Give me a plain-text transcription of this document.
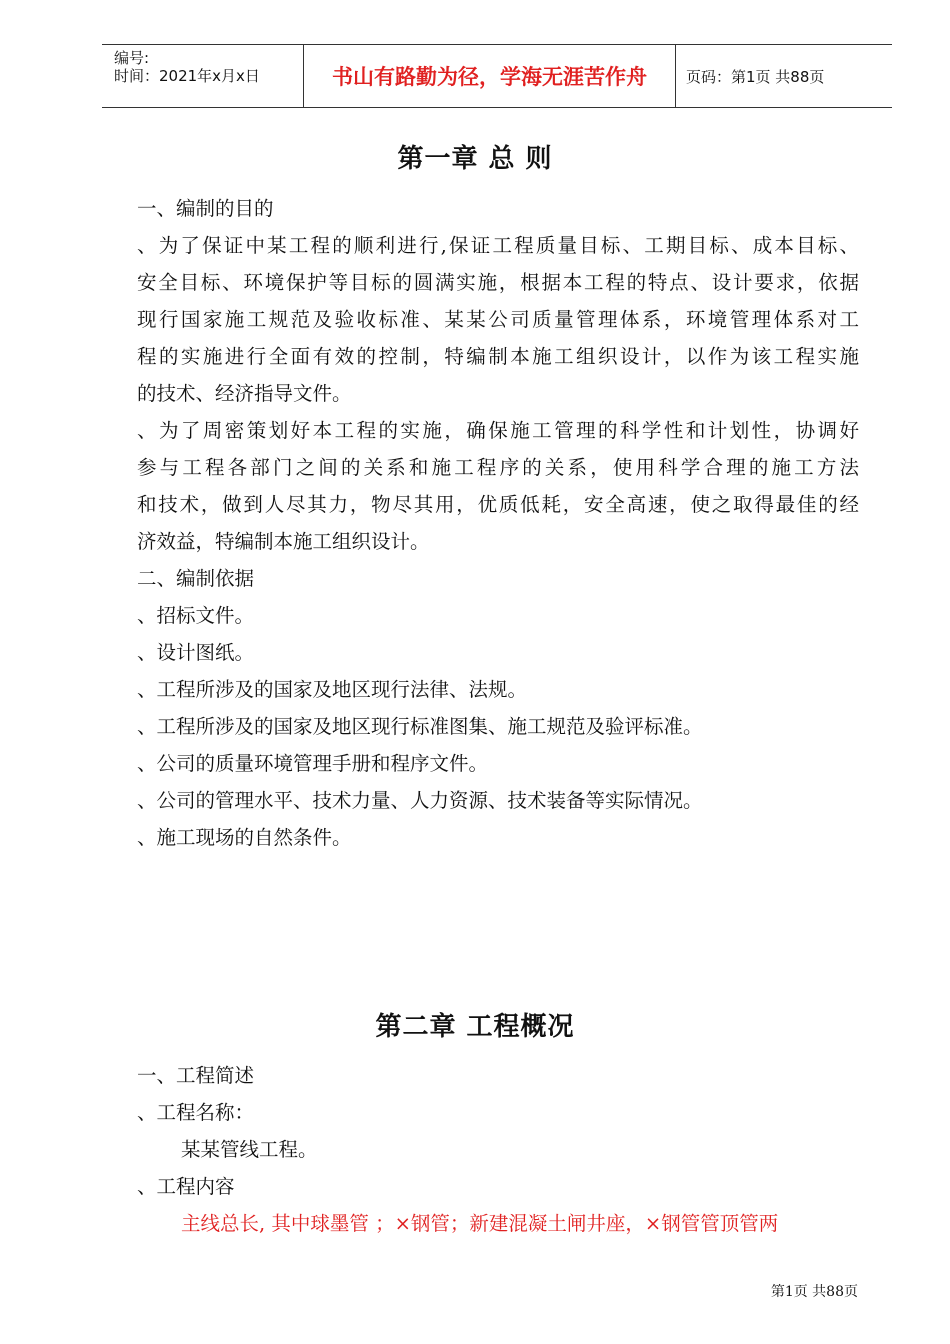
编号:
时间：2021年x月x日	书山有路勤为径，学海无涯苦作舟	页码：第1页 共88页
第一章 总 则
一、编制的目的
、为了保证中某工程的顺利进行,保证工程质量目标、工期目标、成本目标、
安全目标、环境保护等目标的圆满实施，根据本工程的特点、设计要求，依据
现行国家施工规范及验收标准、某某公司质量管理体系，环境管理体系对工
程的实施进行全面有效的控制，特编制本施工组织设计，以作为该工程实施
的技术、经济指导文件。
、为了周密策划好本工程的实施，确保施工管理的科学性和计划性，协调好
参与工程各部门之间的关系和施工程序的关系，使用科学合理的施工方法
和技术，做到人尽其力，物尽其用，优质低耗，安全高速，使之取得最佳的经
济效益，特编制本施工组织设计。
二、编制依据
、招标文件。
、设计图纸。
、工程所涉及的国家及地区现行法律、法规。
、工程所涉及的国家及地区现行标准图集、施工规范及验评标准。
、公司的质量环境管理手册和程序文件。
、公司的管理水平、技术力量、人力资源、技术装备等实际情况。
、施工现场的自然条件。
第二章 工程概况
一、工程简述
、工程名称：
某某管线工程。
、工程内容
主线总长, 其中球墨管 ；×钢管；新建混凝土闸井座，×钢管管顶管两
第1页 共88页
